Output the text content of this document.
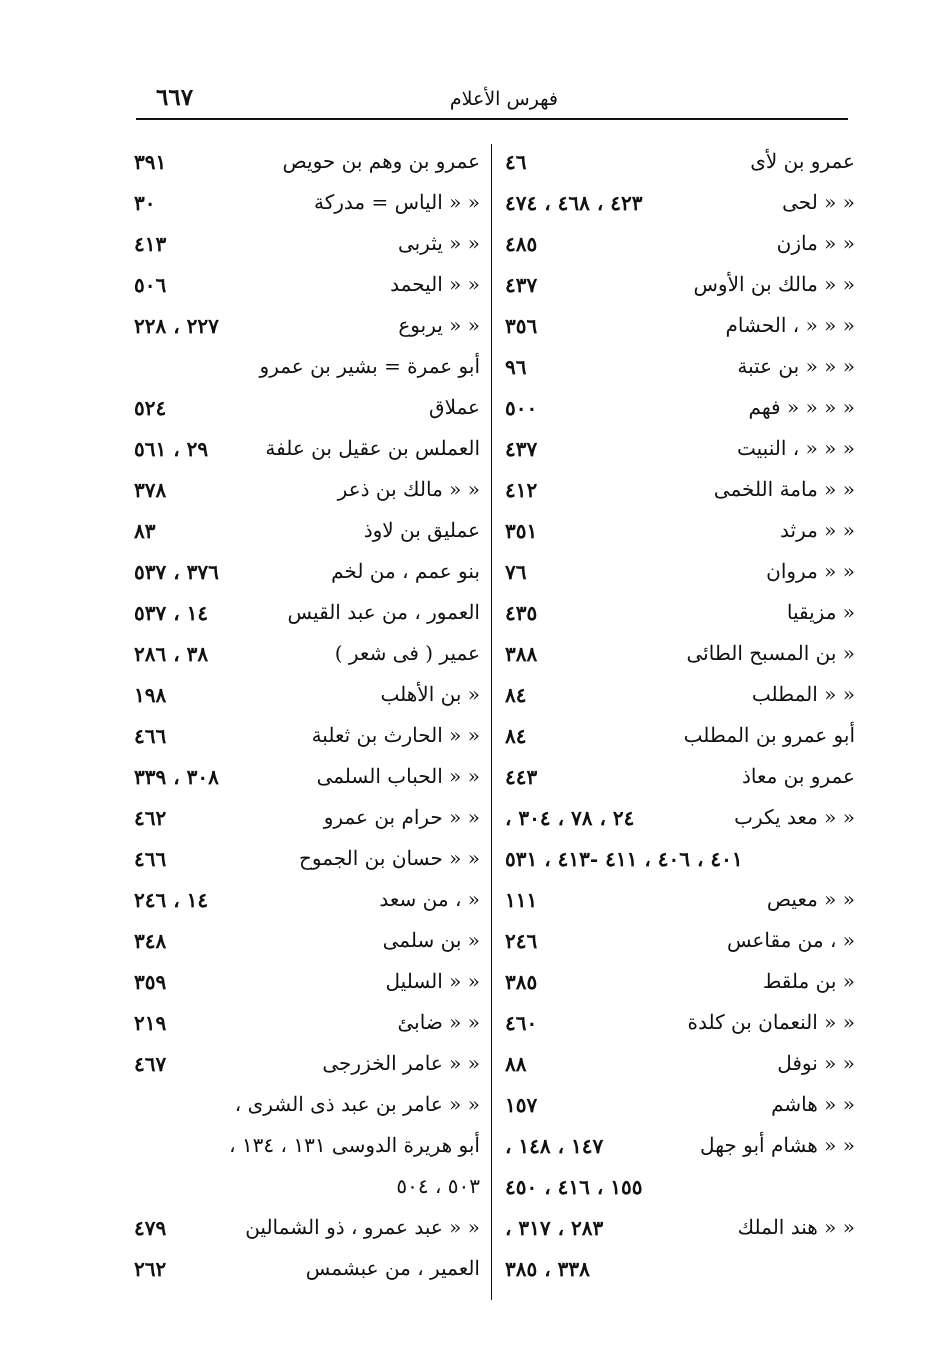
فهرس الأعلام
٦٦٧
عمرو بن لأى
٤٦
« « لحى
٤٢٣ ، ٤٦٨ ، ٤٧٤
« « مازن
٤٨٥
« « مالك بن الأوس
٤٣٧
« « « ، الحشام
٣٥٦
« « « بن عتبة
٩٦
« « « « فهم
٥٠٠
« « « ، النبيت
٤٣٧
« « مامة اللخمى
٤١٢
« « مرثد
٣٥١
« « مروان
٧٦
« مزيقيا
٤٣٥
« بن المسبح الطائى
٣٨٨
« « المطلب
٨٤
أبو عمرو بن المطلب
٨٤
عمرو بن معاذ
٤٤٣
« « معد يكرب
٢٤ ، ٧٨ ، ٣٠٤ ،
٤٠١ ، ٤٠٦ ، ٤١١ -٤١٣ ، ٥٣١
« « معيص
١١١
« ، من مقاعس
٢٤٦
« بن ملقط
٣٨٥
« « النعمان بن كلدة
٤٦٠
« « نوفل
٨٨
« « هاشم
١٥٧
« « هشام أبو جهل
١٤٧ ، ١٤٨ ،
١٥٥ ، ٤١٦ ، ٤٥٠
« « هند الملك
٢٨٣ ، ٣١٧ ،
٣٣٨ ، ٣٨٥
عمرو بن وهم بن حويص
٣٩١
« « الياس = مدركة
٣٠
« « يثربى
٤١٣
« « اليحمد
٥٠٦
« « يربوع
٢٢٧ ، ٢٢٨
أبو عمرة = بشير بن عمرو
عملاق
٥٢٤
العملس بن عقيل بن علفة
٢٩ ، ٥٦١
« « مالك بن ذعر
٣٧٨
عمليق بن لاوذ
٨٣
بنو عمم ، من لخم
٣٧٦ ، ٥٣٧
العمور ، من عبد القيس
١٤ ، ٥٣٧
عمير ( فى شعر )
٣٨ ، ٢٨٦
« بن الأهلب
١٩٨
« « الحارث بن ثعلبة
٤٦٦
« « الحباب السلمى
٣٠٨ ، ٣٣٩
« « حرام بن عمرو
٤٦٢
« « حسان بن الجموح
٤٦٦
« ، من سعد
١٤ ، ٢٤٦
« بن سلمى
٣٤٨
« « السليل
٣٥٩
« « ضابئ
٢١٩
« « عامر الخزرجى
٤٦٧
« « عامر بن عبد ذى الشرى ،
أبو هريرة الدوسى ١٣١ ، ١٣٤ ،
٥٠٣ ، ٥٠٤
« « عبد عمرو ، ذو الشمالين
٤٧٩
العمير ، من عبشمس
٢٦٢
